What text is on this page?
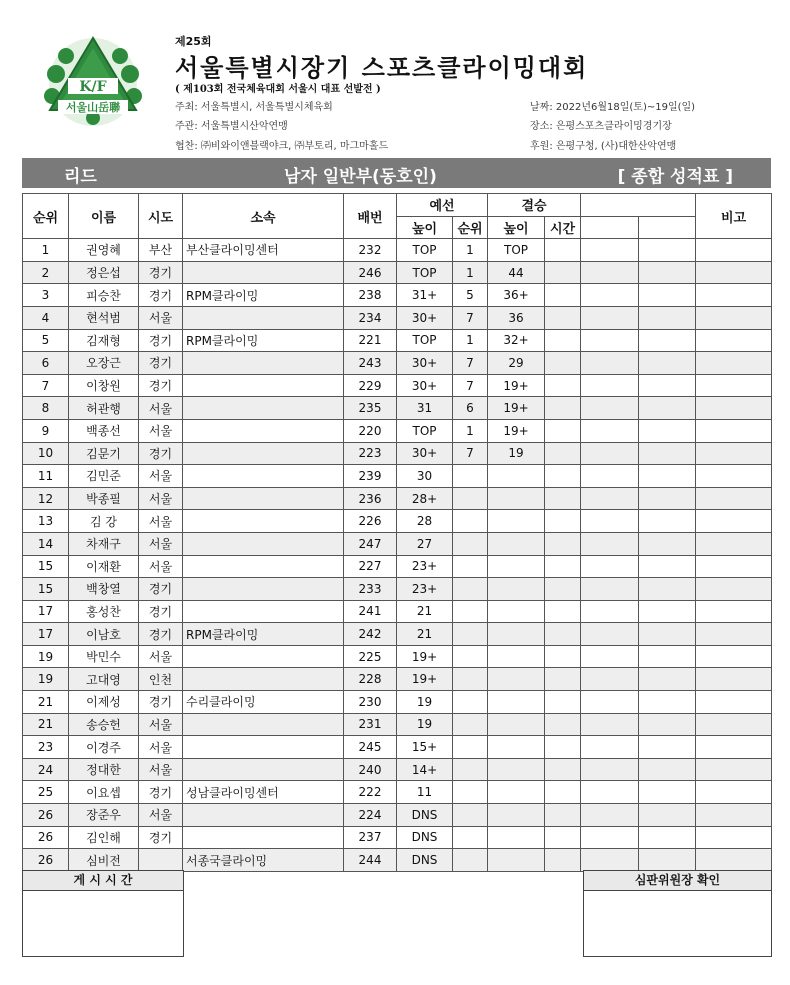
K/F
서울山岳聯
제25회
서울특별시장기 스포츠클라이밍대회
( 제103회 전국체육대회 서울시 대표 선발전 )
주최: 서울특별시, 서울특별시체육회
주관: 서울특별시산악연맹
협찬: ㈜비와이앤블랙야크, ㈜부토리, 마그마홀드
날짜: 2022년6월18일(토)~19일(일)
장소: 은평스포츠클라이밍경기장
후원: 은평구청, (사)대한산악연맹
리드	남자 일반부(동호인)	[ 종합 성적표 ]
순위	이름	시도	소속	배번	예선		결승				비고
					높이	순위	높이	시간			
1	권영혜	부산	부산클라이밍센터	232	TOP	1	TOP				
2	정은섭	경기		246	TOP	1	44				
3	피승찬	경기	RPM클라이밍	238	31+	5	36+				
4	현석범	서울		234	30+	7	36				
5	김재형	경기	RPM클라이밍	221	TOP	1	32+				
6	오장근	경기		243	30+	7	29				
7	이창원	경기		229	30+	7	19+				
8	허관행	서울		235	31	6	19+				
9	백종선	서울		220	TOP	1	19+				
10	김문기	경기		223	30+	7	19				
11	김민준	서울		239	30						
12	박종필	서울		236	28+						
13	김 강	서울		226	28						
14	차재구	서울		247	27						
15	이재환	서울		227	23+						
15	백창열	경기		233	23+						
17	홍성찬	경기		241	21						
17	이남호	경기	RPM클라이밍	242	21						
19	박민수	서울		225	19+						
19	고대영	인천		228	19+						
21	이제성	경기	수리클라이밍	230	19						
21	송승헌	서울		231	19						
23	이경주	서울		245	15+						
24	정대한	서울		240	14+						
25	이요셉	경기	성남클라이밍센터	222	11						
26	장준우	서울		224	DNS						
26	김인해	경기		237	DNS						
26	심비전		서종국클라이밍	244	DNS						
게 시 시 간	심판위원장 확인
